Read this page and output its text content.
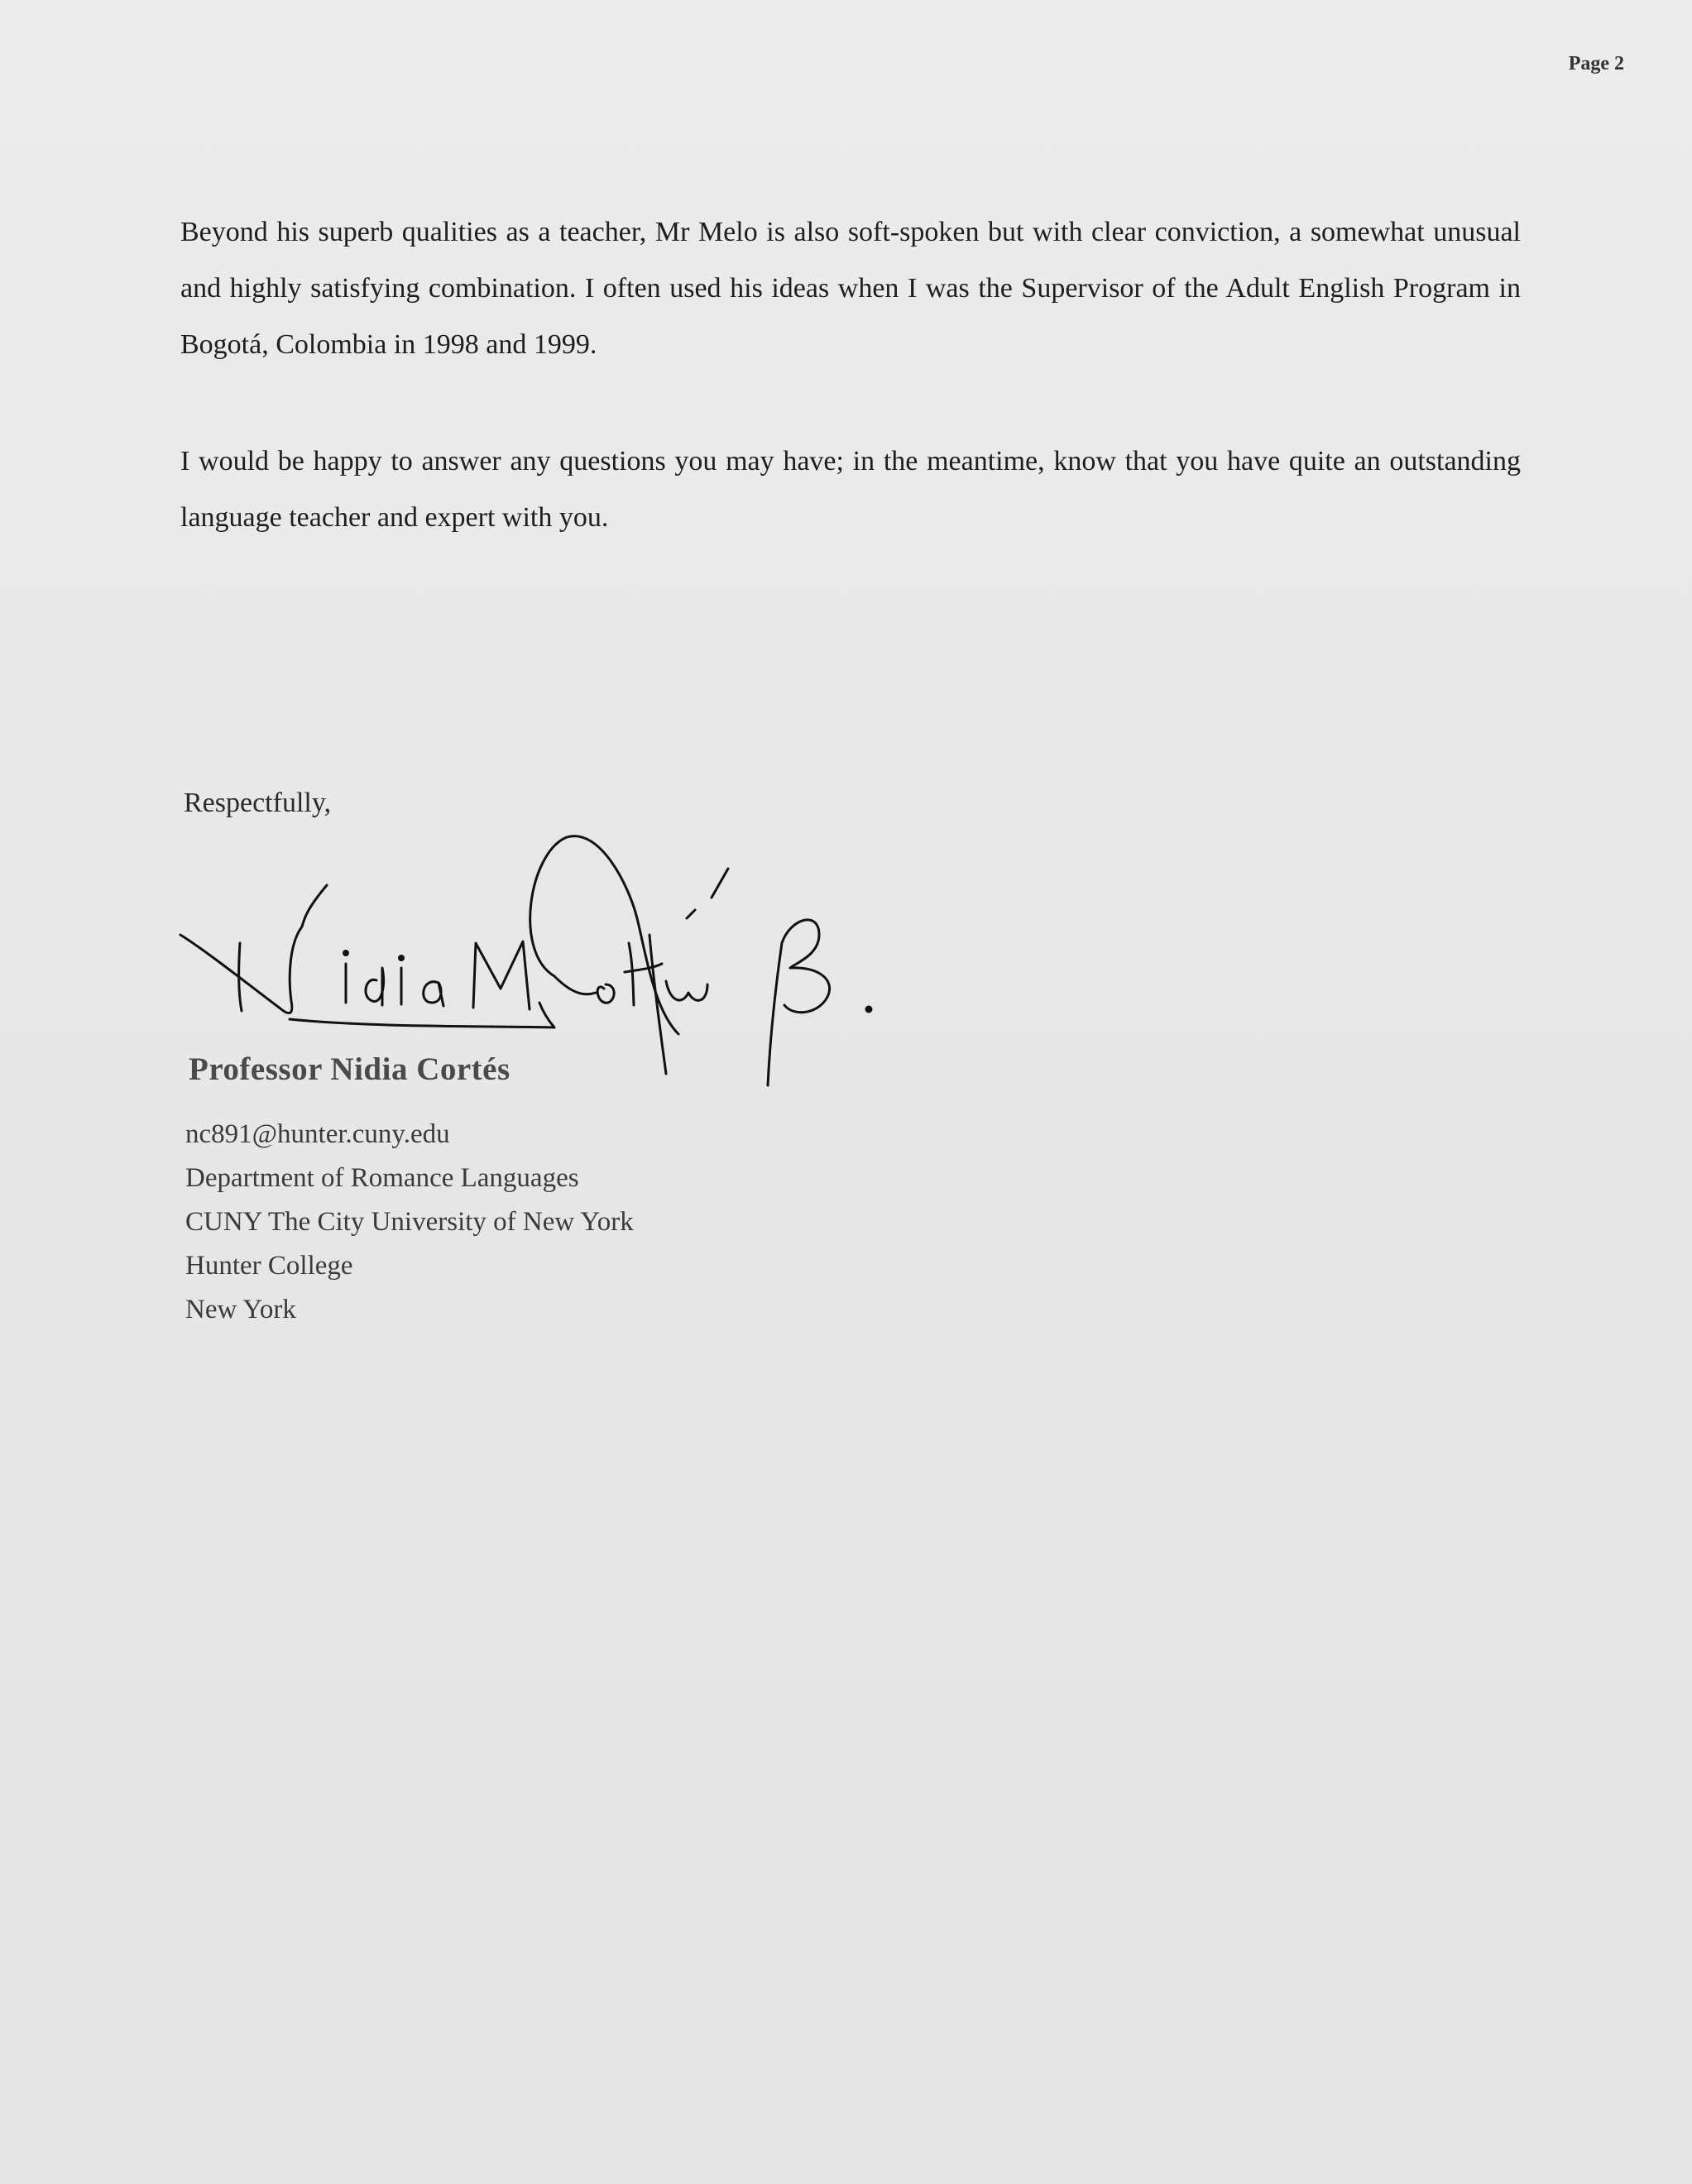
Page 2

Beyond his superb qualities as a teacher, Mr Melo is also soft-spoken but with clear conviction, a somewhat unusual and highly satisfying combination. I often used his ideas when I was the Supervisor of the Adult English Program in Bogotá, Colombia in 1998 and 1999.

I would be happy to answer any questions you may have; in the meantime, know that you have quite an outstanding language teacher and expert with you.

Respectfully,

Professor Nidia Cortés

nc891@hunter.cuny.edu
Department of Romance Languages
CUNY The City University of New York
Hunter College
New York
